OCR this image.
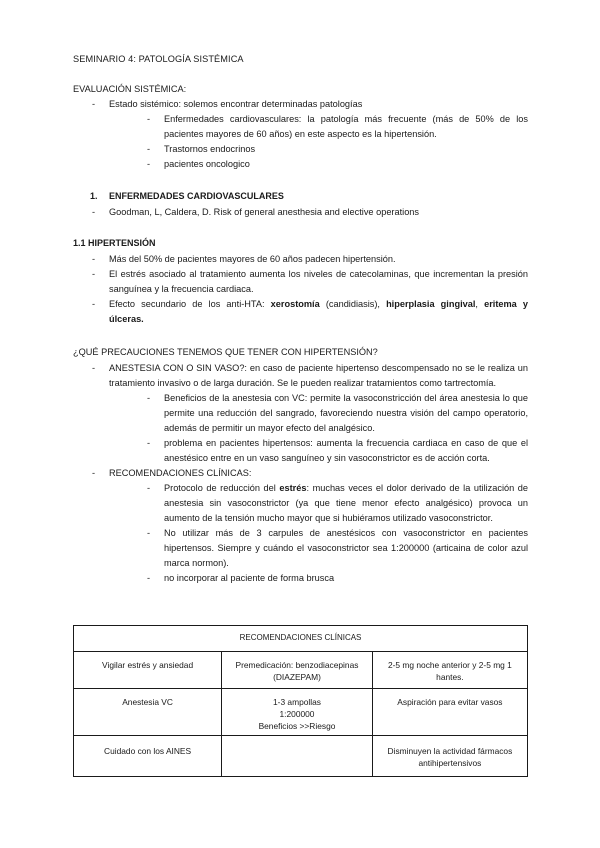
SEMINARIO 4: PATOLOGÍA SISTÉMICA
EVALUACIÓN SISTÉMICA:
- Estado sistémico: solemos encontrar determinadas patologías
- Enfermedades cardiovasculares: la patología más frecuente (más de 50% de los pacientes mayores de 60 años) en este aspecto es la hipertensión.
- Trastornos endocrinos
- pacientes oncologico
1. ENFERMEDADES CARDIOVASCULARES
- Goodman, L, Caldera, D. Risk of general anesthesia and elective operations
1.1 HIPERTENSIÓN
- Más del 50% de pacientes mayores de 60 años padecen hipertensión.
- El estrés asociado al tratamiento aumenta los niveles de catecolaminas, que incrementan la presión sanguínea y la frecuencia cardiaca.
- Efecto secundario de los anti-HTA: xerostomía (candidiasis), hiperplasia gingival, eritema y úlceras.
¿QUÉ PRECAUCIONES TENEMOS QUE TENER CON HIPERTENSIÓN?
- ANESTESIA CON O SIN VASO?: en caso de paciente hipertenso descompensado no se le realiza un tratamiento invasivo o de larga duración. Se le pueden realizar tratamientos como tartrectomía.
- Beneficios de la anestesia con VC: permite la vasoconstricción del área anestesia lo que permite una reducción del sangrado, favoreciendo nuestra visión del campo operatorio, además de permitir un mayor efecto del analgésico.
- problema en pacientes hipertensos: aumenta la frecuencia cardiaca en caso de que el anestésico entre en un vaso sanguíneo y sin vasoconstrictor es de acción corta.
- RECOMENDACIONES CLÍNICAS:
- Protocolo de reducción del estrés: muchas veces el dolor derivado de la utilización de anestesia sin vasoconstrictor (ya que tiene menor efecto analgésico) provoca un aumento de la tensión mucho mayor que si hubiéramos utilizado vasoconstrictor.
- No utilizar más de 3 carpules de anestésicos con vasoconstrictor en pacientes hipertensos. Siempre y cuándo el vasoconstrictor sea 1:200000 (articaina de color azul marca normon).
- no incorporar al paciente de forma brusca
RECOMENDACIONES CLÍNICAS		
Vigilar estrés y ansiedad	Premedicación: benzodiacepinas (DIAZEPAM)	2-5 mg noche anterior y 2-5 mg 1 hantes.
Anestesia VC	1-3 ampollas
1:200000
Beneficios >>Riesgo	Aspiración para evitar vasos
Cuidado con los AINES		Disminuyen la actividad fármacos antihipertensivos
